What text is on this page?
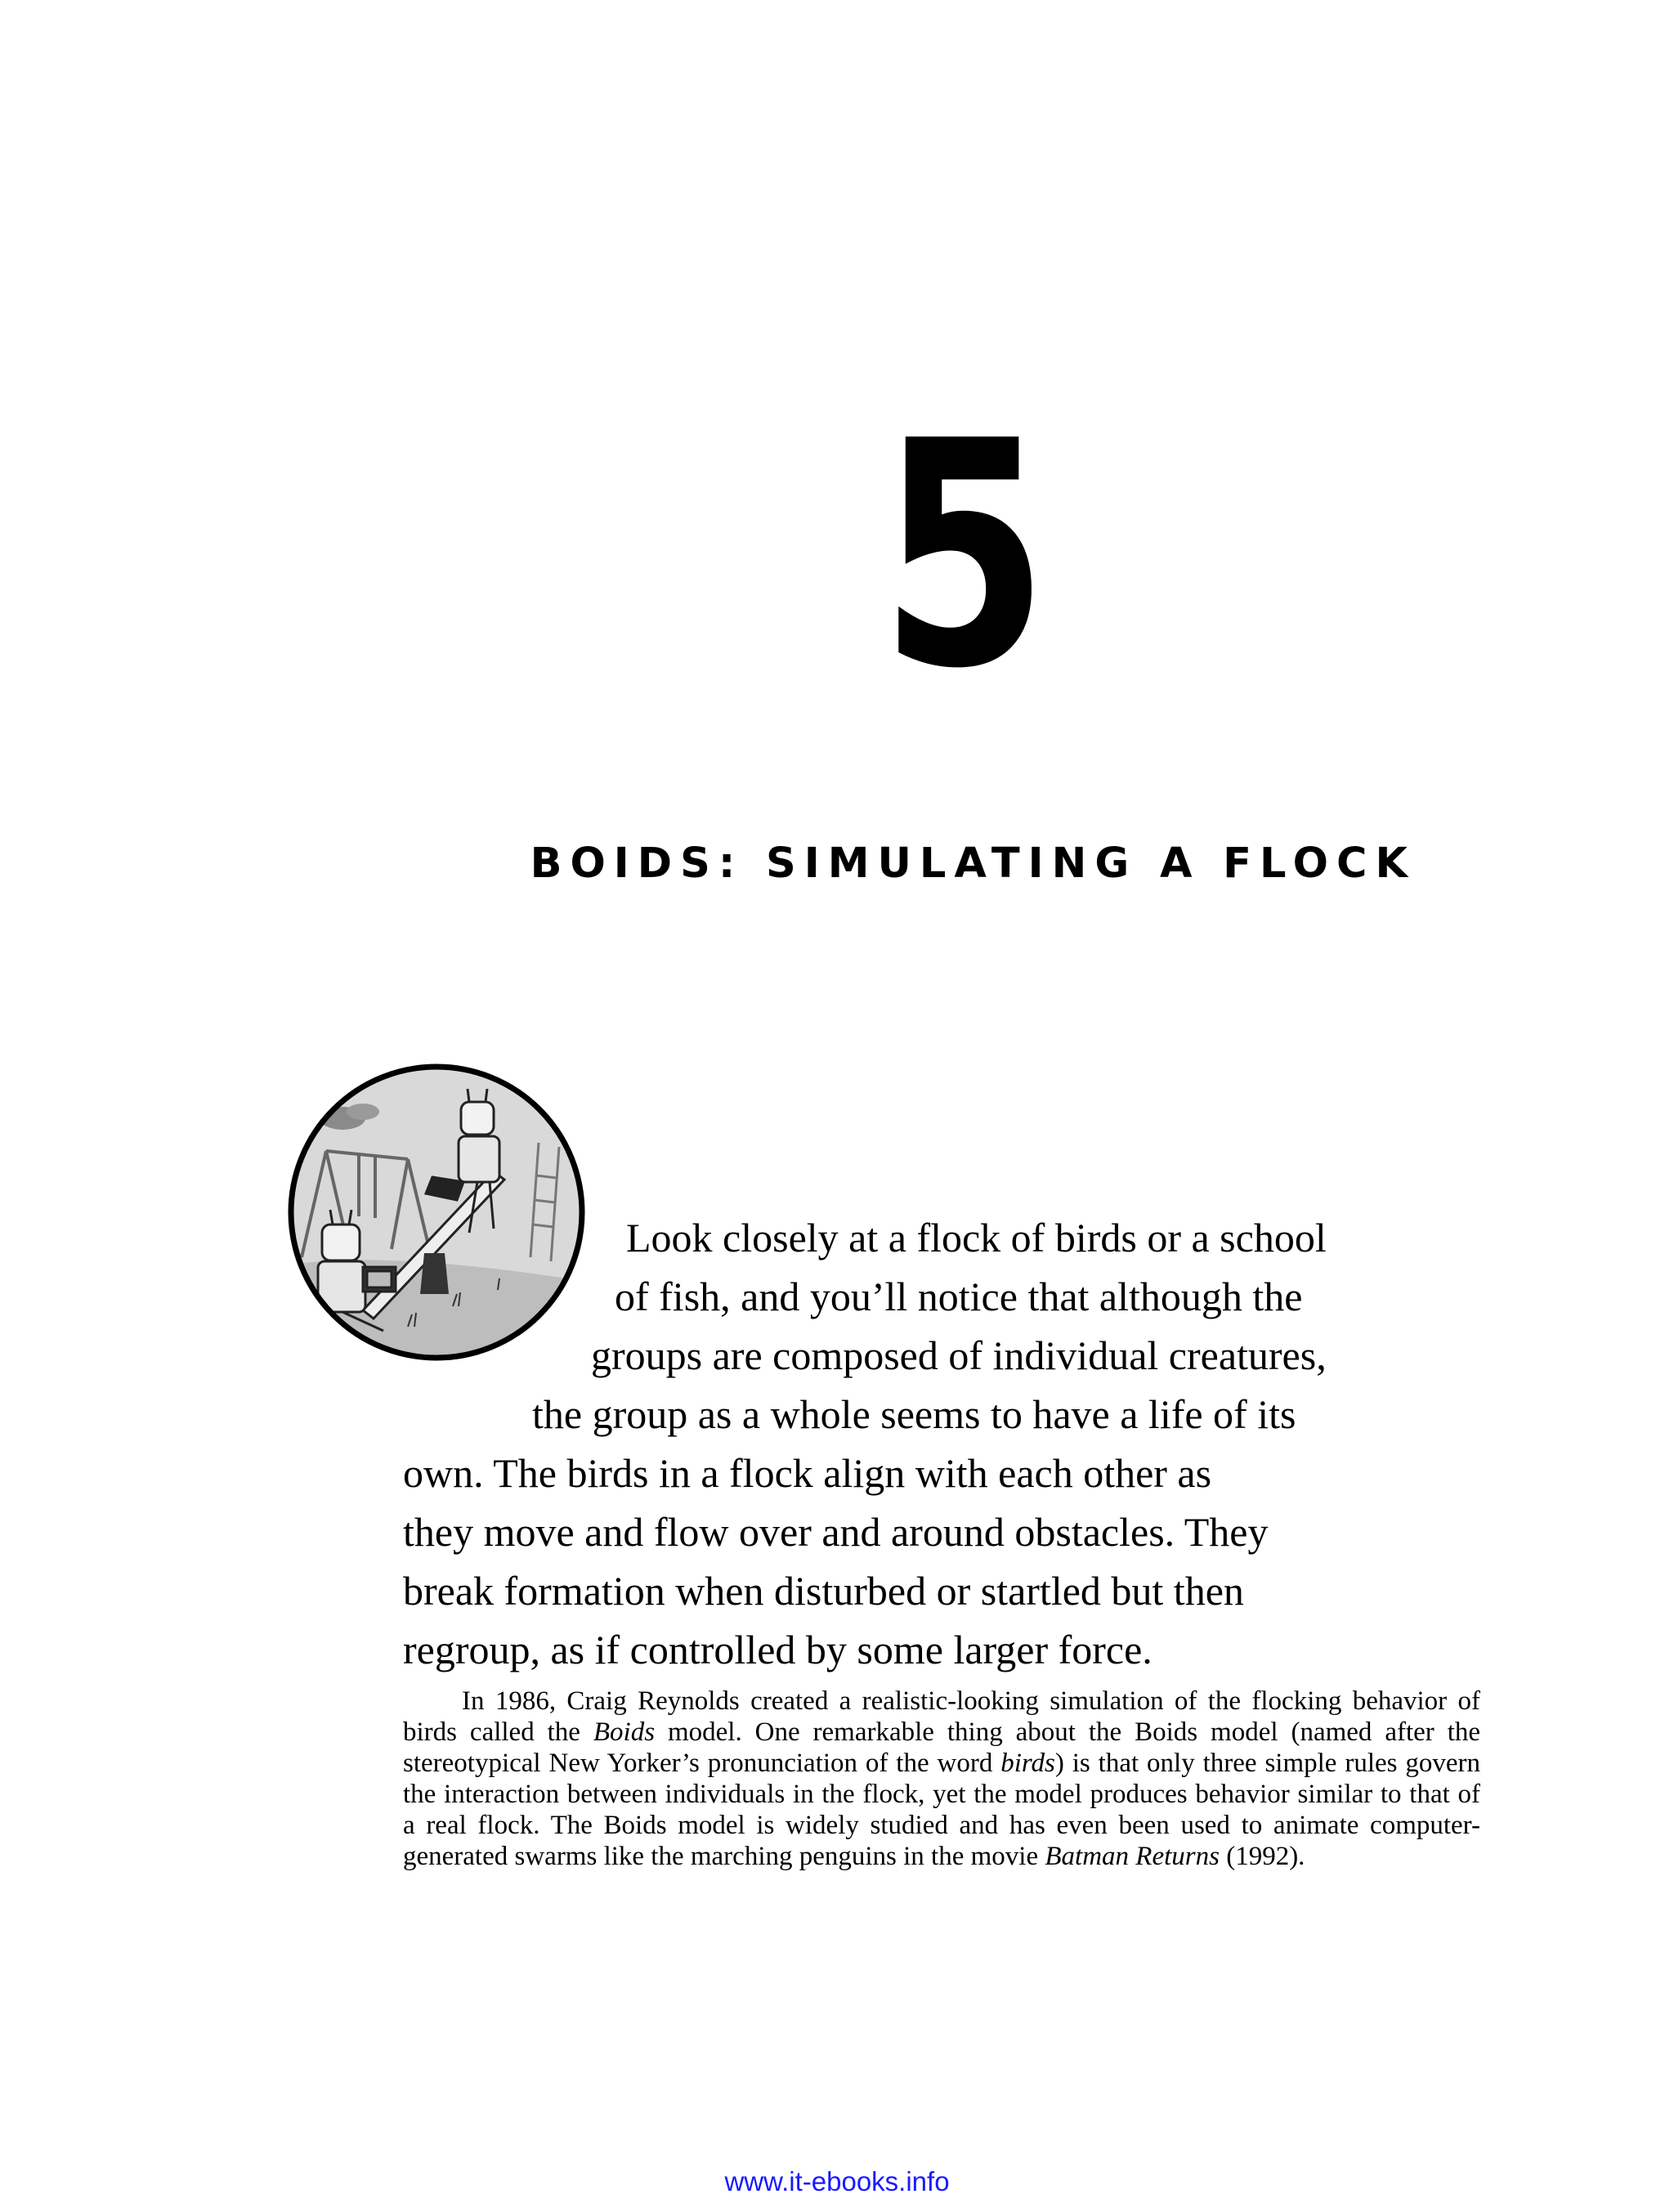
5
BOIDS: SIMULATING A FLOCK
Look closely at a flock of birds or a school
of fish, and you’ll notice that although the
groups are composed of individual creatures,
the group as a whole seems to have a life of its
own. The birds in a flock align with each other as
they move and flow over and around obstacles. They
break formation when disturbed or startled but then
regroup, as if controlled by some larger force.

In 1986, Craig Reynolds created a realistic-looking simulation of the flocking behavior of birds called the Boids model. One remarkable thing about the Boids model (named after the stereotypical New Yorker’s pronunciation of the word birds) is that only three simple rules govern the interaction between individuals in the flock, yet the model produces behavior similar to that of a real flock. The Boids model is widely studied and has even been used to animate computer-generated swarms like the marching penguins in the movie Batman Returns (1992).

www.it-ebooks.info
